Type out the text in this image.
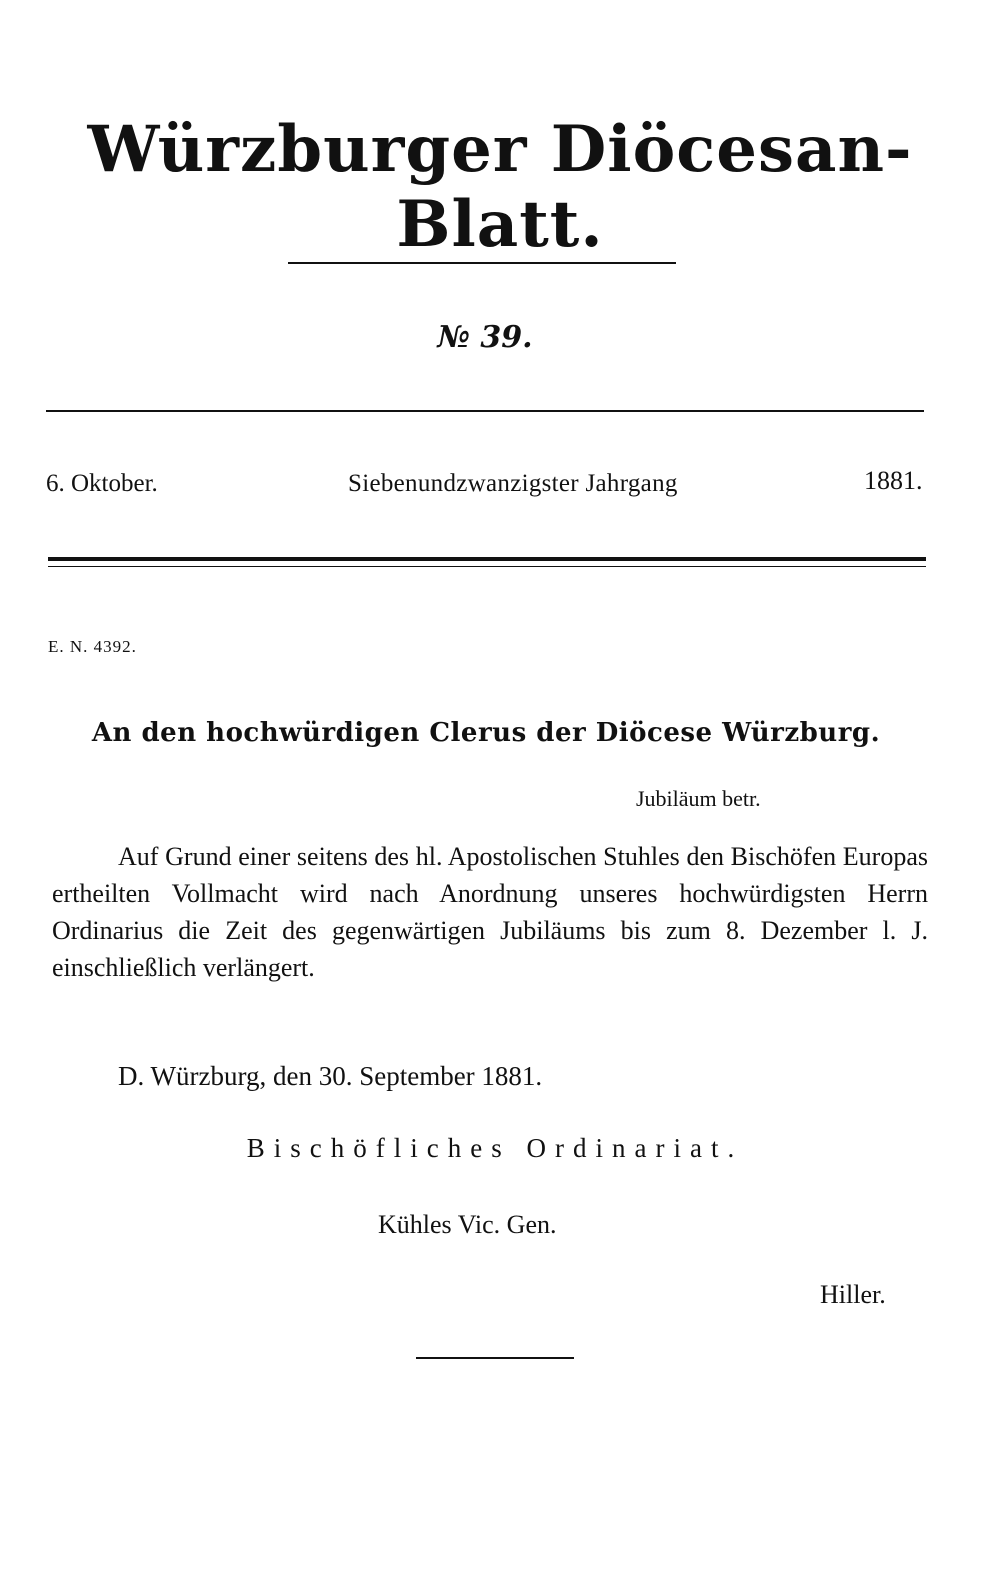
Würzburger Diöcesan-Blatt.
№ 39.
6. Oktober.	Siebenundzwanzigster Jahrgang	1881.
E. N. 4392.
An den hochwürdigen Clerus der Diöcese Würzburg.
Jubiläum betr.

Auf Grund einer seitens des hl. Apostolischen Stuhles den Bischöfen Europas ertheilten Vollmacht wird nach Anordnung unseres hochwürdigsten Herrn Ordinarius die Zeit des gegenwärtigen Jubiläums bis zum 8. Dezember l. J. einschließlich verlängert.

D. Würzburg, den 30. September 1881.
Bischöfliches Ordinariat.
Kühles Vic. Gen.
Hiller.
